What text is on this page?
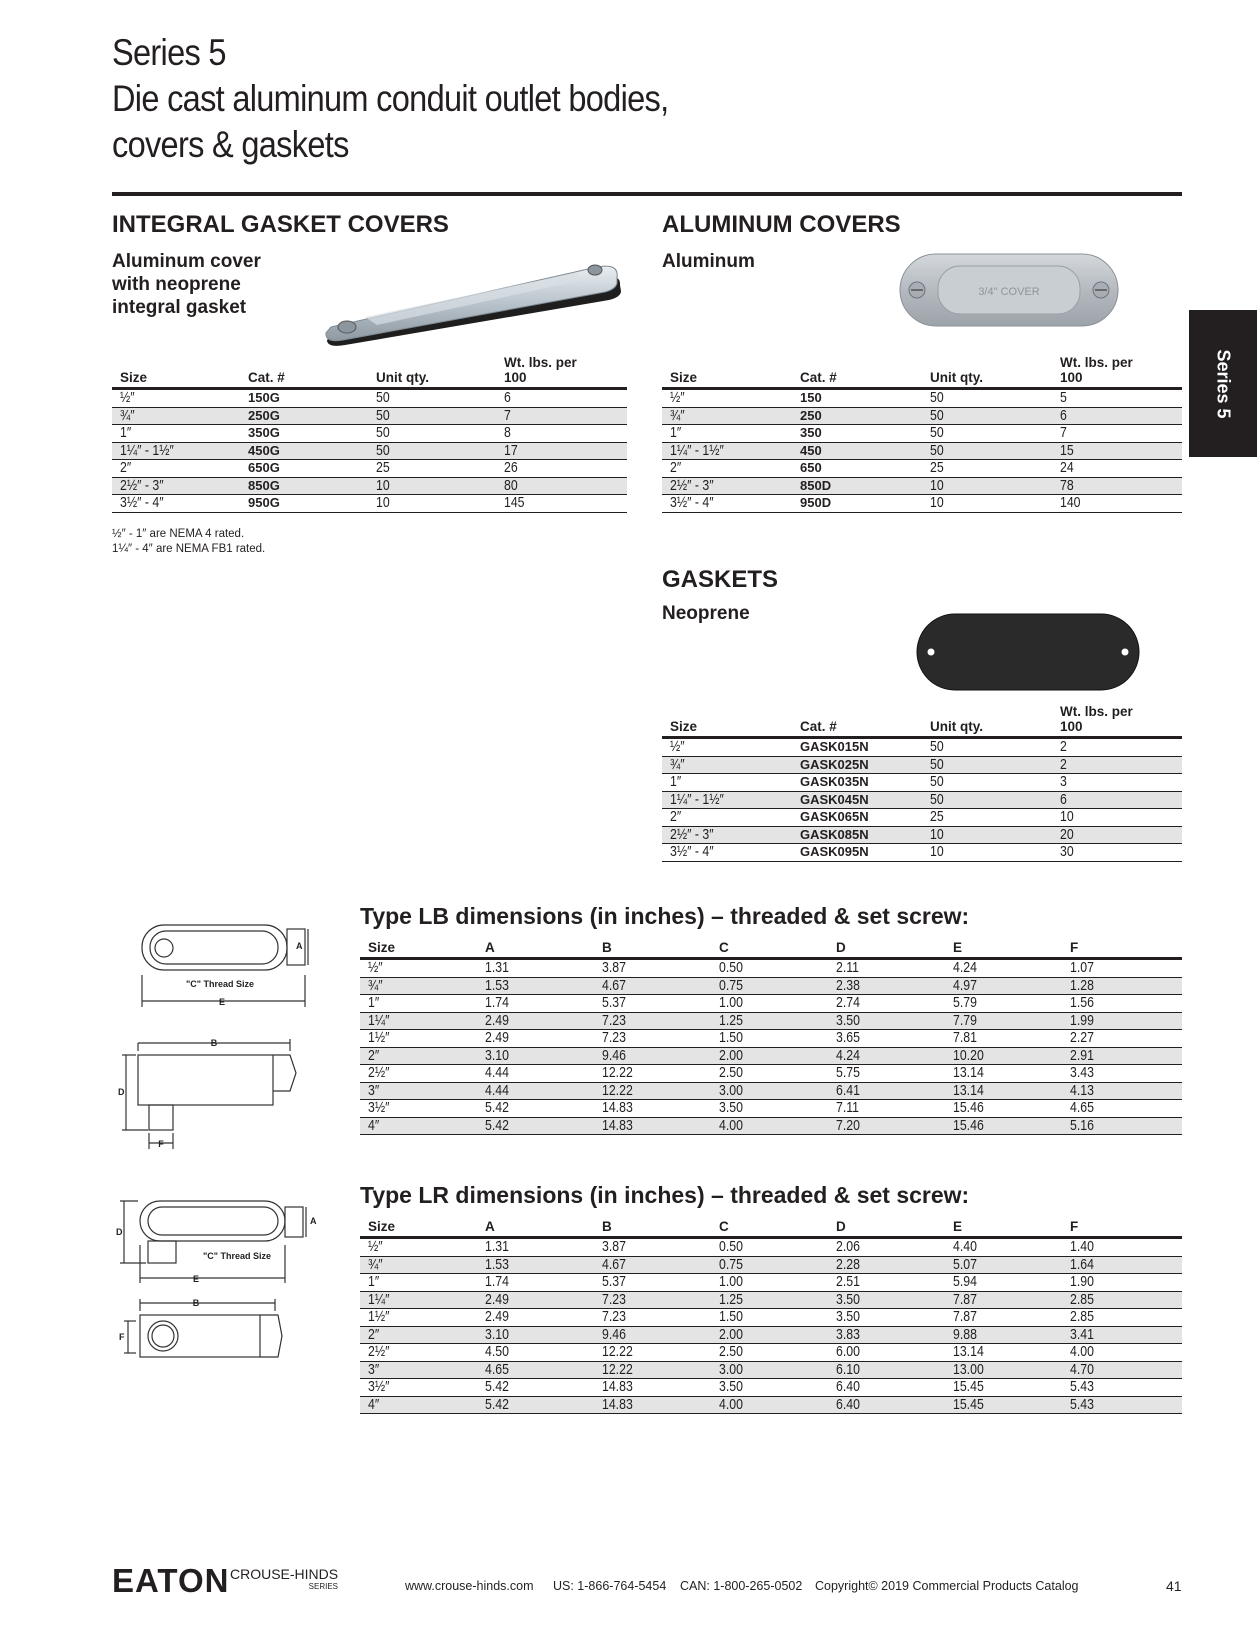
Series 5
Die cast aluminum conduit outlet bodies,
covers & gaskets
Series 5
INTEGRAL GASKET COVERS
Aluminum cover with neoprene integral gasket
Size	Cat. #	Unit qty.	Wt. lbs. per 100

½″	150G	50	6
¾″	250G	50	7
1″	350G	50	8
1¼″ - 1½″	450G	50	17
2″	650G	25	26
2½″ - 3″	850G	10	80
3½″ - 4″	950G	10	145
½″ - 1″ are NEMA 4 rated.
1¼″ - 4″ are NEMA FB1 rated.
ALUMINUM COVERS
Aluminum
3/4" COVER
Size	Cat. #	Unit qty.	Wt. lbs. per 100

½″	150	50	5
¾″	250	50	6
1″	350	50	7
1¼″ - 1½″	450	50	15
2″	650	25	24
2½″ - 3″	850D	10	78
3½″ - 4″	950D	10	140
GASKETS
Neoprene
Size	Cat. #	Unit qty.	Wt. lbs. per 100

½″	GASK015N	50	2
¾″	GASK025N	50	2
1″	GASK035N	50	3
1¼″ - 1½″	GASK045N	50	6
2″	GASK065N	25	10
2½″ - 3″	GASK085N	10	20
3½″ - 4″	GASK095N	10	30
A
"C" Thread Size
E
B
D
F
Type LB dimensions (in inches) – threaded & set screw:
Size	A	B	C	D	E	F
½″	1.31	3.87	0.50	2.11	4.24	1.07
¾″	1.53	4.67	0.75	2.38	4.97	1.28
1″	1.74	5.37	1.00	2.74	5.79	1.56
1¼″	2.49	7.23	1.25	3.50	7.79	1.99
1½″	2.49	7.23	1.50	3.65	7.81	2.27
2″	3.10	9.46	2.00	4.24	10.20	2.91
2½″	4.44	12.22	2.50	5.75	13.14	3.43
3″	4.44	12.22	3.00	6.41	13.14	4.13
3½″	5.42	14.83	3.50	7.11	15.46	4.65
4″	5.42	14.83	4.00	7.20	15.46	5.16
A
D
"C" Thread Size
E
B
F
Type LR dimensions (in inches) – threaded & set screw:
Size	A	B	C	D	E	F
½″	1.31	3.87	0.50	2.06	4.40	1.40
¾″	1.53	4.67	0.75	2.28	5.07	1.64
1″	1.74	5.37	1.00	2.51	5.94	1.90
1¼″	2.49	7.23	1.25	3.50	7.87	2.85
1½″	2.49	7.23	1.50	3.50	7.87	2.85
2″	3.10	9.46	2.00	3.83	9.88	3.41
2½″	4.50	12.22	2.50	6.00	13.14	4.00
3″	4.65	12.22	3.00	6.10	13.00	4.70
3½″	5.42	14.83	3.50	6.40	15.45	5.43
4″	5.42	14.83	4.00	6.40	15.45	5.43
EATON CROUSE-HINDS
SERIES	www.crouse-hinds.com US: 1-866-764-5454 CAN: 1-800-265-0502 Copyright© 2019 Commercial Products Catalog	41
